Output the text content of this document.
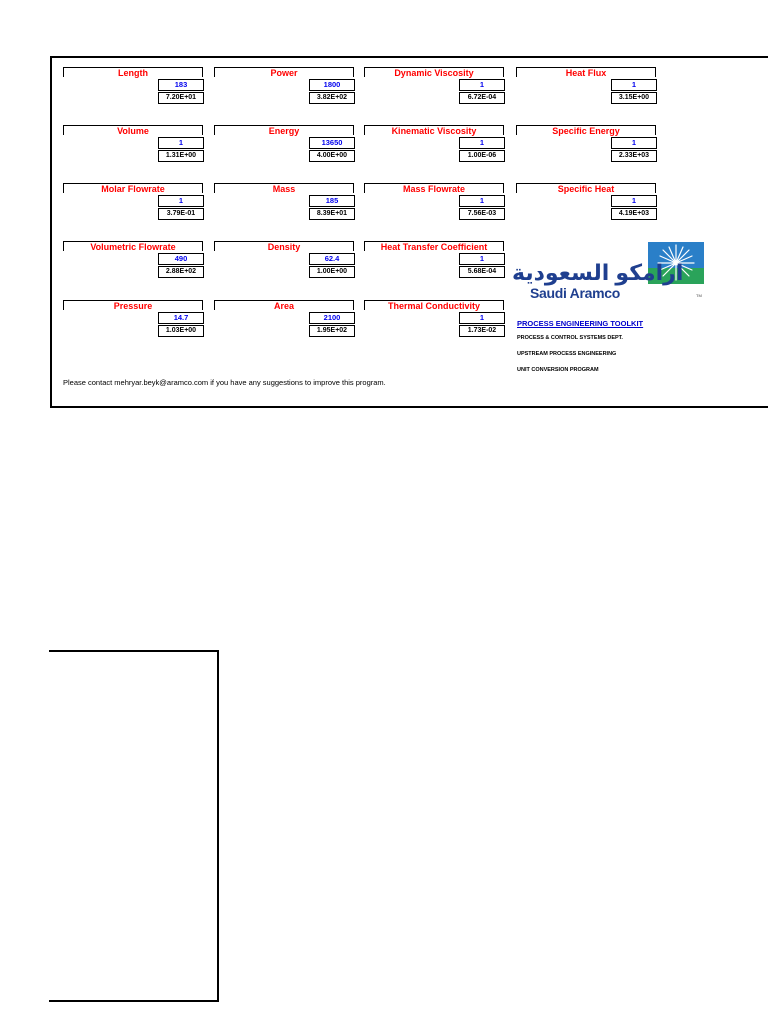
Length
183
7.20E+01
Power
1800
3.82E+02
Dynamic Viscosity
1
6.72E-04
Heat Flux
1
3.15E+00
Volume
1
1.31E+00
Energy
13650
4.00E+00
Kinematic Viscosity
1
1.00E-06
Specific Energy
1
2.33E+03
Molar Flowrate
1
3.79E-01
Mass
185
8.39E+01
Mass Flowrate
1
7.56E-03
Specific Heat
1
4.19E+03
Volumetric Flowrate
490
2.88E+02
Density
62.4
1.00E+00
Heat Transfer Coefficient
1
5.68E-04
Pressure
14.7
1.03E+00
Area
2100
1.95E+02
Thermal Conductivity
1
1.73E-02
ارامكو السعودية
Saudi Aramco	TM
PROCESS ENGINEERING TOOLKIT
PROCESS & CONTROL SYSTEMS DEPT.
UPSTREAM PROCESS ENGINEERING
UNIT CONVERSION PROGRAM
Please contact mehryar.beyk@aramco.com if you have any suggestions to improve this program.
